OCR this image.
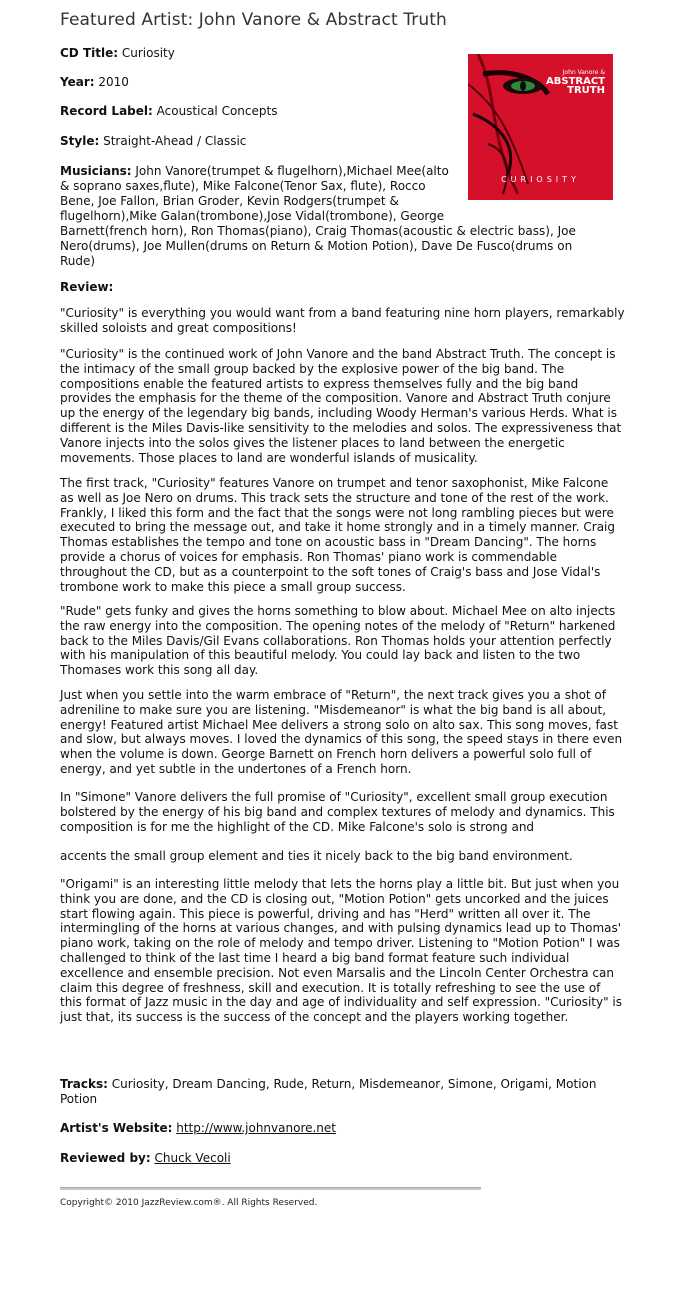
Featured Artist: John Vanore & Abstract Truth
CD Title: Curiosity
Year: 2010
Record Label: Acoustical Concepts
Style: Straight-Ahead / Classic
John Vanore &
ABSTRACT
TRUTH
CURIOSITY
Musicians: John Vanore(trumpet & flugelhorn),Michael Mee(alto
& soprano saxes,flute), Mike Falcone(Tenor Sax, flute), Rocco
Bene, Joe Fallon, Brian Groder, Kevin Rodgers(trumpet &
flugelhorn),Mike Galan(trombone),Jose Vidal(trombone), George
Barnett(french horn), Ron Thomas(piano), Craig Thomas(acoustic & electric bass), Joe
Nero(drums), Joe Mullen(drums on Return & Motion Potion), Dave De Fusco(drums on
Rude)
Review:
"Curiosity" is everything you would want from a band featuring nine horn players, remarkably skilled soloists and great compositions!
"Curiosity" is the continued work of John Vanore and the band Abstract Truth. The concept is the intimacy of the small group backed by the explosive power of the big band. The compositions enable the featured artists to express themselves fully and the big band provides the emphasis for the theme of the composition. Vanore and Abstract Truth conjure up the energy of the legendary big bands, including Woody Herman's various Herds. What is different is the Miles Davis-like sensitivity to the melodies and solos. The expressiveness that Vanore injects into the solos gives the listener places to land between the energetic movements. Those places to land are wonderful islands of musicality.
The first track, "Curiosity" features Vanore on trumpet and tenor saxophonist, Mike Falcone as well as Joe Nero on drums. This track sets the structure and tone of the rest of the work. Frankly, I liked this form and the fact that the songs were not long rambling pieces but were executed to bring the message out, and take it home strongly and in a timely manner. Craig Thomas establishes the tempo and tone on acoustic bass in "Dream Dancing". The horns provide a chorus of voices for emphasis. Ron Thomas' piano work is commendable throughout the CD, but as a counterpoint to the soft tones of Craig's bass and Jose Vidal's trombone work to make this piece a small group success.
"Rude" gets funky and gives the horns something to blow about. Michael Mee on alto injects the raw energy into the composition. The opening notes of the melody of "Return" harkened back to the Miles Davis/Gil Evans collaborations. Ron Thomas holds your attention perfectly with his manipulation of this beautiful melody. You could lay back and listen to the two Thomases work this song all day.
Just when you settle into the warm embrace of "Return", the next track gives you a shot of adreniline to make sure you are listening. "Misdemeanor" is what the big band is all about, energy! Featured artist Michael Mee delivers a strong solo on alto sax. This song moves, fast and slow, but always moves. I loved the dynamics of this song, the speed stays in there even when the volume is down. George Barnett on French horn delivers a powerful solo full of energy, and yet subtle in the undertones of a French horn.
In "Simone" Vanore delivers the full promise of "Curiosity", excellent small group execution bolstered by the energy of his big band and complex textures of melody and dynamics. This composition is for me the highlight of the CD. Mike Falcone's solo is strong and
accents the small group element and ties it nicely back to the big band environment.
"Origami" is an interesting little melody that lets the horns play a little bit. But just when you think you are done, and the CD is closing out, "Motion Potion" gets uncorked and the juices start flowing again. This piece is powerful, driving and has "Herd" written all over it. The intermingling of the horns at various changes, and with pulsing dynamics lead up to Thomas' piano work, taking on the role of melody and tempo driver. Listening to "Motion Potion" I was challenged to think of the last time I heard a big band format feature such individual excellence and ensemble precision. Not even Marsalis and the Lincoln Center Orchestra can claim this degree of freshness, skill and execution. It is totally refreshing to see the use of this format of Jazz music in the day and age of individuality and self expression. "Curiosity" is just that, its success is the success of the concept and the players working together.
Tracks: Curiosity, Dream Dancing, Rude, Return, Misdemeanor, Simone, Origami, Motion Potion
Artist's Website: http://www.johnvanore.net
Reviewed by: Chuck Vecoli
Copyright© 2010 JazzReview.com®. All Rights Reserved.
